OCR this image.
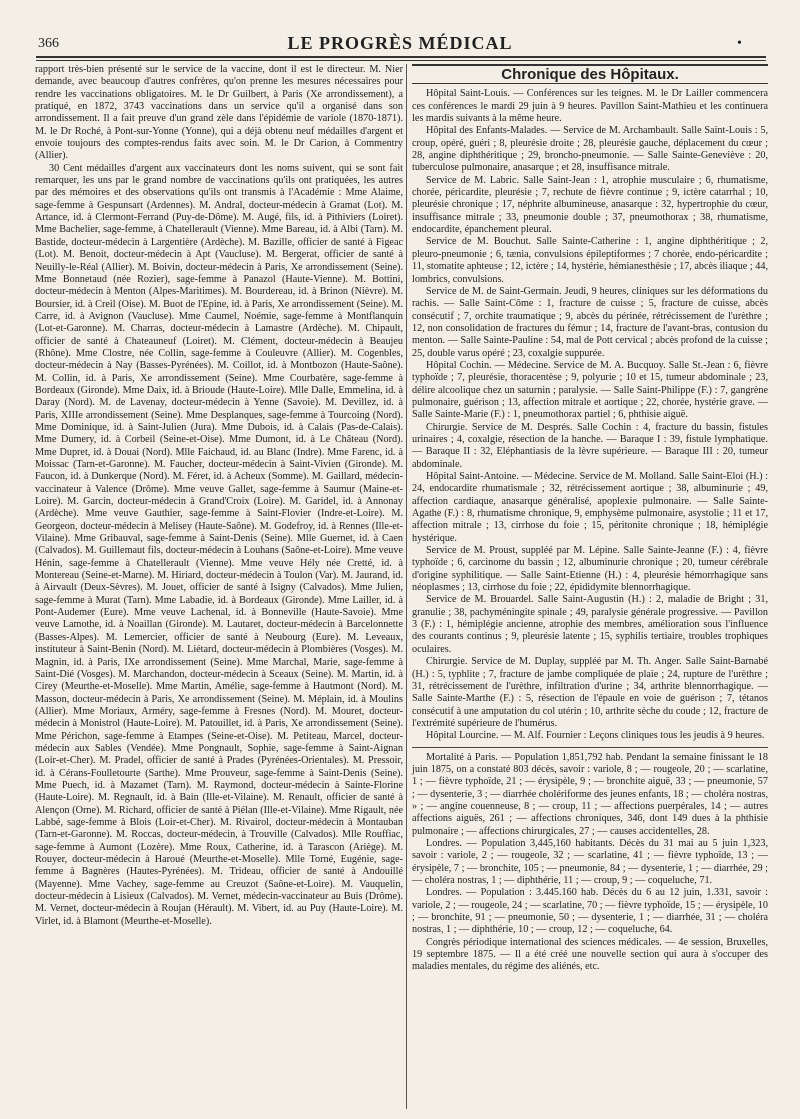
366	LE PROGRÈS MÉDICAL	•

rapport très-bien présenté sur le service de la vaccine, dont il est le directeur. M. Nier demande, avec beaucoup d'autres confrères, qu'on prenne les mesures nécessaires pour rendre les vaccinations obligatoires. M. le Dr Guilbert, à Paris (Xe arrondissement), a pratiqué, en 1872, 3743 vaccinations dans un service qu'il a organisé dans son arrondissement. Il a fait preuve d'un grand zèle dans l'épidémie de variole (1870-1871). M. le Dr Roché, à Pont-sur-Yonne (Yonne), qui a déjà obtenu neuf médailles d'argent et envoie toujours des comptes-rendus faits avec soin. M. le Dr Carion, à Commentry (Allier).

30 Cent médailles d'argent aux vaccinateurs dont les noms suivent, qui se sont fait remarquer, les uns par le grand nombre de vaccinations qu'ils ont pratiquées, les autres par des mémoires et des observations qu'ils ont transmis à l'Académie : Mme Alaime, sage-femme à Gespunsart (Ardennes). M. Andral, docteur-médecin à Gramat (Lot). M. Artance, id. à Clermont-Ferrand (Puy-de-Dôme). M. Augé, fils, id. à Pithiviers (Loiret). Mme Bachelier, sage-femme, à Chatellerault (Vienne). Mme Bareau, id. à Albi (Tarn). M. Bastide, docteur-médecin à Largentière (Ardèche). M. Bazille, officier de santé à Figeac (Lot). M. Benoit, docteur-médecin à Apt (Vaucluse). M. Bergerat, officier de santé à Neuilly-le-Réal (Allier). M. Boivin, docteur-médecin à Paris, Xe arrondissement (Seine). Mme Bonnetaud (née Rozier), sage-femme à Panazol (Haute-Vienne). M. Bottini, docteur-médecin à Menton (Alpes-Maritimes). M. Bourdereau, id. à Brinon (Nièvre). M. Boursier, id. à Creil (Oise). M. Buot de l'Epine, id. à Paris, Xe arrondissement (Seine). M. Carre, id. à Avignon (Vaucluse). Mme Caumel, Noémie, sage-femme à Montflanquin (Lot-et-Garonne). M. Charras, docteur-médecin à Lamastre (Ardèche). M. Chipault, officier de santé à Chateauneuf (Loiret). M. Clément, docteur-médecin à Beaujeu (Rhône). Mme Clostre, née Collin, sage-femme à Couleuvre (Allier). M. Cogenbles, docteur-médecin à Nay (Basses-Pyrénées). M. Coillot, id. à Montbozon (Haute-Saône). M. Collin, id. à Paris, Xe arrondissement (Seine). Mme Courbatère, sage-femme à Bordeaux (Gironde). Mme Daix, id. à Brioude (Haute-Loire). Mlle Dalle, Emmelina, id. à Daray (Nord). M. de Lavenay, docteur-médecin à Yenne (Savoie). M. Devillez, id. à Paris, XIIIe arrondissement (Seine). Mme Desplanques, sage-femme à Tourcoing (Nord). Mme Dominique, id. à Saint-Julien (Jura). Mme Dubois, id. à Calais (Pas-de-Calais). Mme Dumery, id. à Corbeil (Seine-et-Oise). Mme Dumont, id. à Le Château (Nord). Mme Dupret, id. à Douai (Nord). Mlle Faichaud, id. au Blanc (Indre). Mme Farenc, id. à Moissac (Tarn-et-Garonne). M. Faucher, docteur-médecin à Saint-Vivien (Gironde). M. Faucon, id. à Dunkerque (Nord). M. Féret, id. à Acheux (Somme). M. Gaillard, médecin-vaccinateur à Valence (Drôme). Mme veuve Gallet, sage-femme à Saumur (Maine-et-Loire). M. Garcin, docteur-médecin à Grand'Croix (Loire). M. Garidel, id. à Annonay (Ardèche). Mme veuve Gauthier, sage-femme à Saint-Flovier (Indre-et-Loire). M. Georgeon, docteur-médecin à Melisey (Haute-Saône). M. Godefroy, id. à Rennes (Ille-et-Vilaine). Mme Gribauval, sage-femme à Saint-Denis (Seine). Mlle Guernet, id. à Caen (Calvados). M. Guillemaut fils, docteur-médecin à Louhans (Saône-et-Loire). Mme veuve Hénin, sage-femme à Chatellerault (Vienne). Mme veuve Hély née Cretté, id. à Montereau (Seine-et-Marne). M. Hiriard, docteur-médecin à Toulon (Var). M. Jaurand, id. à Airvault (Deux-Sèvres). M. Jouet, officier de santé à Isigny (Calvados). Mme Julien, sage-femme à Murat (Tarn). Mme Labadie, id. à Bordeaux (Gironde). Mme Lailler, id. à Pont-Audemer (Eure). Mme veuve Lachenal, id. à Bonneville (Haute-Savoie). Mme veuve Lamothe, id. à Noaillan (Gironde). M. Lautaret, docteur-médecin à Barcelonnette (Basses-Alpes). M. Lemercier, officier de santé à Neubourg (Eure). M. Leveaux, instituteur à Saint-Benin (Nord). M. Liétard, docteur-médecin à Plombières (Vosges). M. Magnin, id. à Paris, IXe arrondissement (Seine). Mme Marchal, Marie, sage-femme à Saint-Dié (Vosges). M. Marchandon, docteur-médecin à Sceaux (Seine). M. Martin, id. à Cirey (Meurthe-et-Moselle). Mme Martin, Amélie, sage-femme à Hautmont (Nord). M. Masson, docteur-médecin à Paris, Xe arrondissement (Seine). M. Méplain, id. à Moulins (Allier). Mme Moriaux, Arméry, sage-femme à Fresnes (Nord). M. Mouret, docteur-médecin à Monistrol (Haute-Loire). M. Patouillet, id. à Paris, Xe arrondissement (Seine). Mme Périchon, sage-femme à Etampes (Seine-et-Oise). M. Petiteau, Marcel, docteur-médecin aux Sables (Vendée). Mme Pongnault, Sophie, sage-femme à Saint-Aignan (Loir-et-Cher). M. Pradel, officier de santé à Prades (Pyrénées-Orientales). M. Pressoir, id. à Cérans-Foulletourte (Sarthe). Mme Prouveur, sage-femme à Saint-Denis (Seine). Mme Puech, id. à Mazamet (Tarn). M. Raymond, docteur-médecin à Sainte-Florine (Haute-Loire). M. Regnault, id. à Bain (Ille-et-Vilaine). M. Renault, officier de santé à Alençon (Orne). M. Richard, officier de santé à Piélan (Ille-et-Vilaine). Mme Rigault, née Labbé, sage-femme à Blois (Loir-et-Cher). M. Rivairol, docteur-médecin à Montauban (Tarn-et-Garonne). M. Roccas, docteur-médecin, à Trouville (Calvados). Mlle Rouffiac, sage-femme à Aumont (Lozère). Mme Roux, Catherine, id. à Tarascon (Ariège). M. Rouyer, docteur-médecin à Haroué (Meurthe-et-Moselle). Mlle Torné, Eugénie, sage-femme à Bagnères (Hautes-Pyrénées). M. Trideau, officier de santé à Andouillé (Mayenne). Mme Vachey, sage-femme au Creuzot (Saône-et-Loire). M. Vauquelin, docteur-médecin à Lisieux (Calvados). M. Vernet, médecin-vaccinateur au Buis (Drôme). M. Vernet, docteur-médecin à Roujan (Hérault). M. Vibert, id. au Puy (Haute-Loire). M. Virlet, id. à Blamont (Meurthe-et-Moselle).

Chronique des Hôpitaux.

Hôpital Saint-Louis. — Conférences sur les teignes. M. le Dr Lailler commencera ces conférences le mardi 29 juin à 9 heures. Pavillon Saint-Mathieu et les continuera les mardis suivants à la même heure.

Hôpital des Enfants-Malades. — Service de M. Archambault. Salle Saint-Louis : 5, croup, opéré, guéri ; 8, pleurésie droite ; 28, pleurésie gauche, déplacement du cœur ; 28, angine diphthéritique ; 29, broncho-pneumonie. — Salle Sainte-Geneviève : 20, tuberculose pulmonaire, anasarque ; et 28, insuffisance mitrale.

Service de M. Labric. Salle Saint-Jean : 1, atrophie musculaire ; 6, rhumatisme, chorée, péricardite, pleurésie ; 7, rechute de fièvre continue ; 9, ictère catarrhal ; 10, pleurésie chronique ; 17, néphrite albumineuse, anasarque : 32, hypertrophie du cœur, insuffisance mitrale ; 33, pneumonie double ; 37, pneumothorax ; 38, rhumatisme, endocardite, épanchement pleural.

Service de M. Bouchut. Salle Sainte-Catherine : 1, angine diphthéritique ; 2, pleuro-pneumonie ; 6, tænia, convulsions épileptiformes ; 7 chorée, endo-péricardite ; 11, stomatite aphteuse ; 12, ictère ; 14, hystérie, hémianesthésie ; 17, abcès iliaque ; 44, lombrics, convulsions.

Service de M. de Saint-Germain. Jeudi, 9 heures, cliniques sur les déformations du rachis. — Salle Saint-Côme : 1, fracture de cuisse ; 5, fracture de cuisse, abcès consécutif ; 7, orchite traumatique ; 9, abcès du périnée, rétrécissement de l'urèthre ; 12, non consolidation de fractures du fémur ; 14, fracture de l'avant-bras, contusion du menton. — Salle Sainte-Pauline : 54, mal de Pott cervical ; abcès profond de la cuisse ; 25, double varus opéré ; 23, coxalgie suppurée.

Hôpital Cochin. — Médecine. Service de M. A. Bucquoy. Salle St.-Jean : 6, fièvre typhoïde ; 7, pleurésie, thoracentèse ; 9, polyurie ; 10 et 15, tumeur abdominale ; 23, délire alcoolique chez un saturnin ; paralysie. — Salle Saint-Philippe (F.) : 7, gangrène pulmonaire, guérison ; 13, affection mitrale et aortique ; 22, chorée, hystérie grave. — Salle Sainte-Marie (F.) : 1, pneumothorax partiel ; 6, phthisie aiguë.

Chirurgie. Service de M. Després. Salle Cochin : 4, fracture du bassin, fistules urinaires ; 4, coxalgie, résection de la hanche. — Baraque I : 39, fistule lymphatique. — Baraque II : 32, Eléphantiasis de la lèvre supérieure. — Baraque III : 20, tumeur abdominale.

Hôpital Saint-Antoine. — Médecine. Service de M. Molland. Salle Saint-Eloi (H.) : 24, endocardite rhumatismale ; 32, rétrécissement aortique ; 38, albuminurie ; 49, affection cardiaque, anasarque généralisé, apoplexie pulmonaire. — Salle Sainte-Agathe (F.) : 8, rhumatisme chronique, 9, emphysème pulmonaire, asystolie ; 11 et 17, affection mitrale ; 13, cirrhose du foie ; 15, péritonite chronique ; 18, hémiplégie hystérique.

Service de M. Proust, suppléé par M. Lépine. Salle Sainte-Jeanne (F.) : 4, fièvre typhoïde ; 6, carcinome du bassin ; 12, albuminurie chronique ; 20, tumeur cérébrale d'origine syphilitique. — Salle Saint-Etienne (H.) : 4, pleurésie hémorrhagique sans néoplasmes ; 13, cirrhose du foie ; 22, épididymite blennorrhagique.

Service de M. Brouardel. Salle Saint-Augustin (H.) : 2, maladie de Bright ; 31, granulie ; 38, pachyméningite spinale ; 49, paralysie générale progressive. — Pavillon 3 (F.) : 1, hémiplégie ancienne, atrophie des membres, amélioration sous l'influence des courants continus ; 9, pleurésie latente ; 15, syphilis tertiaire, troubles trophiques oculaires.

Chirurgie. Service de M. Duplay, suppléé par M. Th. Anger. Salle Saint-Barnabé (H.) : 5, typhlite ; 7, fracture de jambe compliquée de plaie ; 24, rupture de l'urèthre ; 31, rétrécissement de l'urèthre, infiltration d'urine ; 34, arthrite blennorrhagique. — Salle Sainte-Marthe (F.) : 5, résection de l'épaule en voie de guérison ; 7, tétanos consécutif à une amputation du col utérin ; 10, arthrite sèche du coude ; 12, fracture de l'extrémité supérieure de l'humérus.

Hôpital Lourcine. — M. Alf. Fournier : Leçons cliniques tous les jeudis à 9 heures.

Mortalité à Paris. — Population 1,851,792 hab. Pendant la semaine finissant le 18 juin 1875, on a constaté 803 décès, savoir : variole, 8 ; — rougeole, 20 ; — scarlatine, 1 ; — fièvre typhoïde, 21 ; — érysipèle, 9 ; — bronchite aiguë, 33 ; — pneumonie, 57 ; — dysenterie, 3 ; — diarrhée cholériforme des jeunes enfants, 18 ; — choléra nostras, » ; — angine couenneuse, 8 ; — croup, 11 ; — affections puerpérales, 14 ; — autres affections aiguës, 261 ; — affections chroniques, 346, dont 149 dues à la phthisie pulmonaire ; — affections chirurgicales, 27 ; — causes accidentelles, 28.

Londres. — Population 3,445,160 habitants. Décès du 31 mai au 5 juin 1,323, savoir : variole, 2 ; — rougeole, 32 ; — scarlatine, 41 ; — fièvre typhoïde, 13 ; — érysipèle, 7 ; — bronchite, 105 ; — pneumonie, 84 ; — dysenterie, 1 ; — diarrhée, 29 ; — choléra nostras, 1 ; — diphthérie, 11 ; — croup, 9 ; — coqueluche, 71.

Londres. — Population : 3.445.160 hab. Décès du 6 au 12 juin, 1.331, savoir : variole, 2 ; — rougeole, 24 ; — scarlatine, 70 ; — fièvre typhoïde, 15 ; — érysipèle, 10 ; — bronchite, 91 ; — pneumonie, 50 ; — dysenterie, 1 ; — diarrhée, 31 ; — choléra nostras, 1 ; — diphthérie, 10 ; — croup, 12 ; — coqueluche, 64.

Congrès périodique international des sciences médicales. — 4e session, Bruxelles, 19 septembre 1875. — Il a été créé une nouvelle section qui aura à s'occuper des maladies mentales, du régime des aliénés, etc.
